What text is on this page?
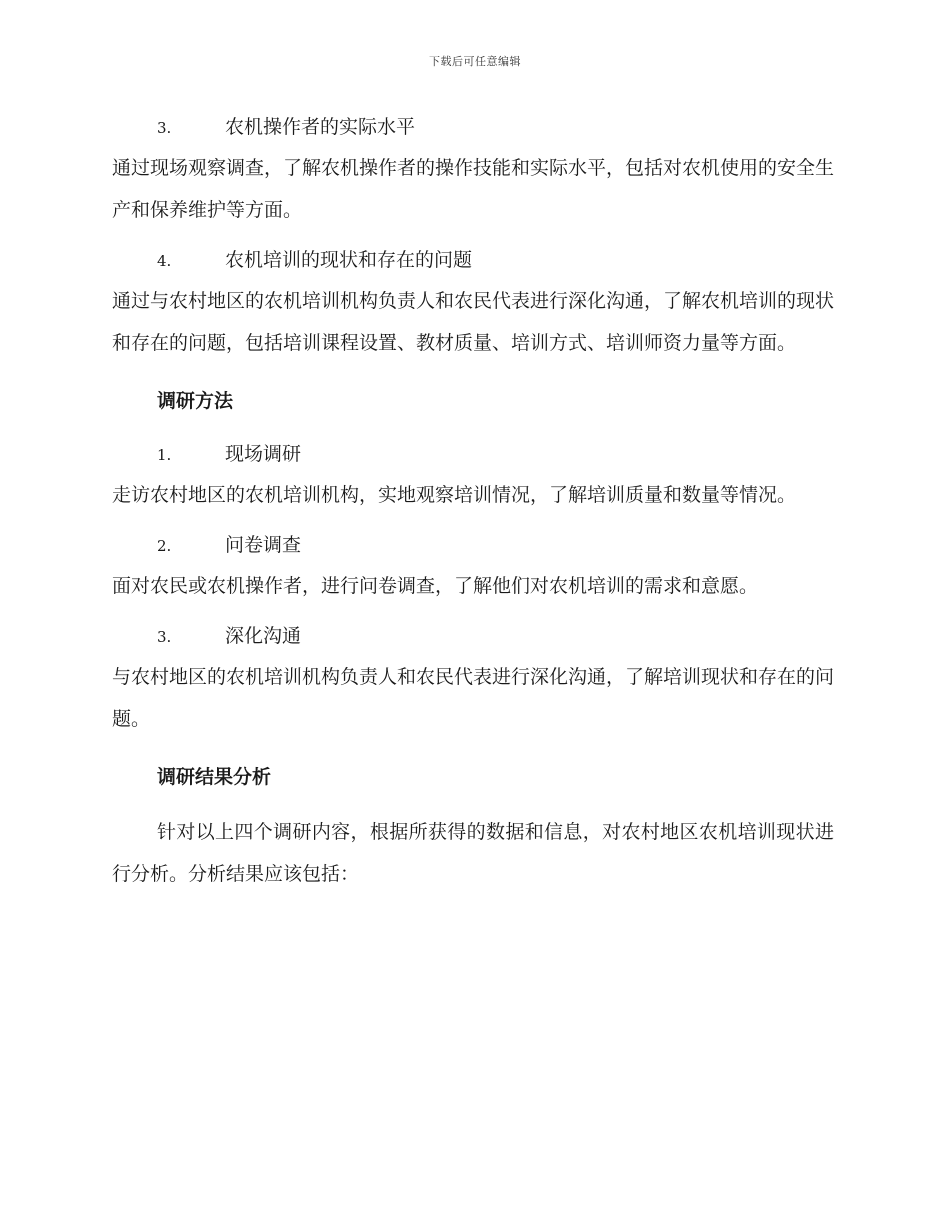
下载后可任意编辑
3.	农机操作者的实际水平

通过现场观察调查，了解农机操作者的操作技能和实际水平，包括对农机使用的安全生产和保养维护等方面。

4.	农机培训的现状和存在的问题

通过与农村地区的农机培训机构负责人和农民代表进行深化沟通，了解农机培训的现状和存在的问题，包括培训课程设置、教材质量、培训方式、培训师资力量等方面。

调研方法
1.	现场调研

走访农村地区的农机培训机构，实地观察培训情况，了解培训质量和数量等情况。

2.	问卷调查

面对农民或农机操作者，进行问卷调查，了解他们对农机培训的需求和意愿。

3.	深化沟通

与农村地区的农机培训机构负责人和农民代表进行深化沟通，了解培训现状和存在的问题。

调研结果分析

针对以上四个调研内容，根据所获得的数据和信息，对农村地区农机培训现状进行分析。分析结果应该包括：
